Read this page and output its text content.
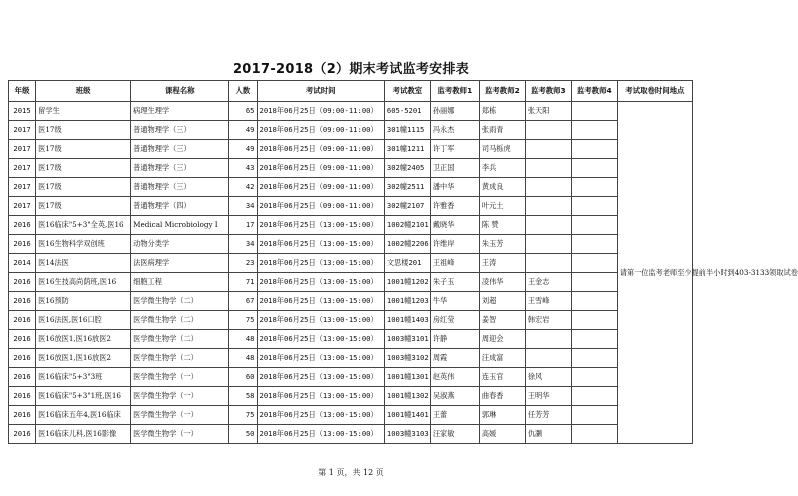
2017-2018（2）期末考试监考安排表
年级	班级	课程名称	人数	考试时间	考试教室	监考教师1	监考教师2	监考教师3	监考教师4	考试取卷时间地点
2015	留学生	病理生理学	65	2018年06月25日（09:00-11:00）	605-5201	孙丽娜	郑栋	张天阳		请第一位监考老师至少提前半小时到403-3133领取试卷
2017	医17级	普通物理学（三）	49	2018年06月25日（09:00-11:00）	301幢1115	冯永杰	张雨青			
2017	医17级	普通物理学（三）	49	2018年06月25日（09:00-11:00）	301幢1211	许丁军	司马栎虎			
2017	医17级	普通物理学（三）	43	2018年06月25日（09:00-11:00）	302幢2405	卫正国	李兵			
2017	医17级	普通物理学（三）	42	2018年06月25日（09:00-11:00）	302幢2511	潘中华	黄成良			
2017	医17级	普通物理学（四）	34	2018年06月25日（09:00-11:00）	302幢2107	许雅香	叶元土			
2016	医16临床"5+3"全英,医16	Medical Microbiology I	17	2018年06月25日（13:00-15:00）	1002幢2101	戴晓华	陈 赞			
2016	医16生物科学双创班	动物分类学	34	2018年06月25日（13:00-15:00）	1002幢2206	许维岸	朱玉芳			
2014	医14法医	法医病理学	23	2018年06月25日（13:00-15:00）	文思楼201	王祖峰	王涛			
2016	医16生技高尚荫班,医16	细胞工程	71	2018年06月25日（13:00-15:00）	1001幢1202	朱子玉	凌伟华	王金志		
2016	医16预防	医学微生物学（二）	67	2018年06月25日（13:00-15:00）	1001幢1203	牛华	刘超	王雪峰		
2016	医16法医,医16口腔	医学微生物学（二）	75	2018年06月25日（13:00-15:00）	1001幢1403	房红莹	姜智	韩宏岩		
2016	医16放医1,医16放医2	医学微生物学（二）	48	2018年06月25日（13:00-15:00）	1003幢3101	许静	周迎会			
2016	医16放医1,医16放医2	医学微生物学（二）	48	2018年06月25日（13:00-15:00）	1003幢3102	周霞	汪成富			
2016	医16临床"5+3"3班	医学微生物学（一）	60	2018年06月25日（13:00-15:00）	1001幢1301	赵英伟	连玉官	徐风		
2016	医16临床"5+3"1班,医16	医学微生物学（一）	58	2018年06月25日（13:00-15:00）	1001幢1302	吴淑燕	曲春香	王明华		
2016	医16临床五年4,医16临床	医学微生物学（一）	75	2018年06月25日（13:00-15:00）	1001幢1401	王蕾	郭琳	任芳芳		
2016	医16临床儿科,医16影像	医学微生物学（一）	50	2018年06月25日（13:00-15:00）	1003幢3103	汪家敏	高媛	仇灏		
第 1 页，共 12 页
